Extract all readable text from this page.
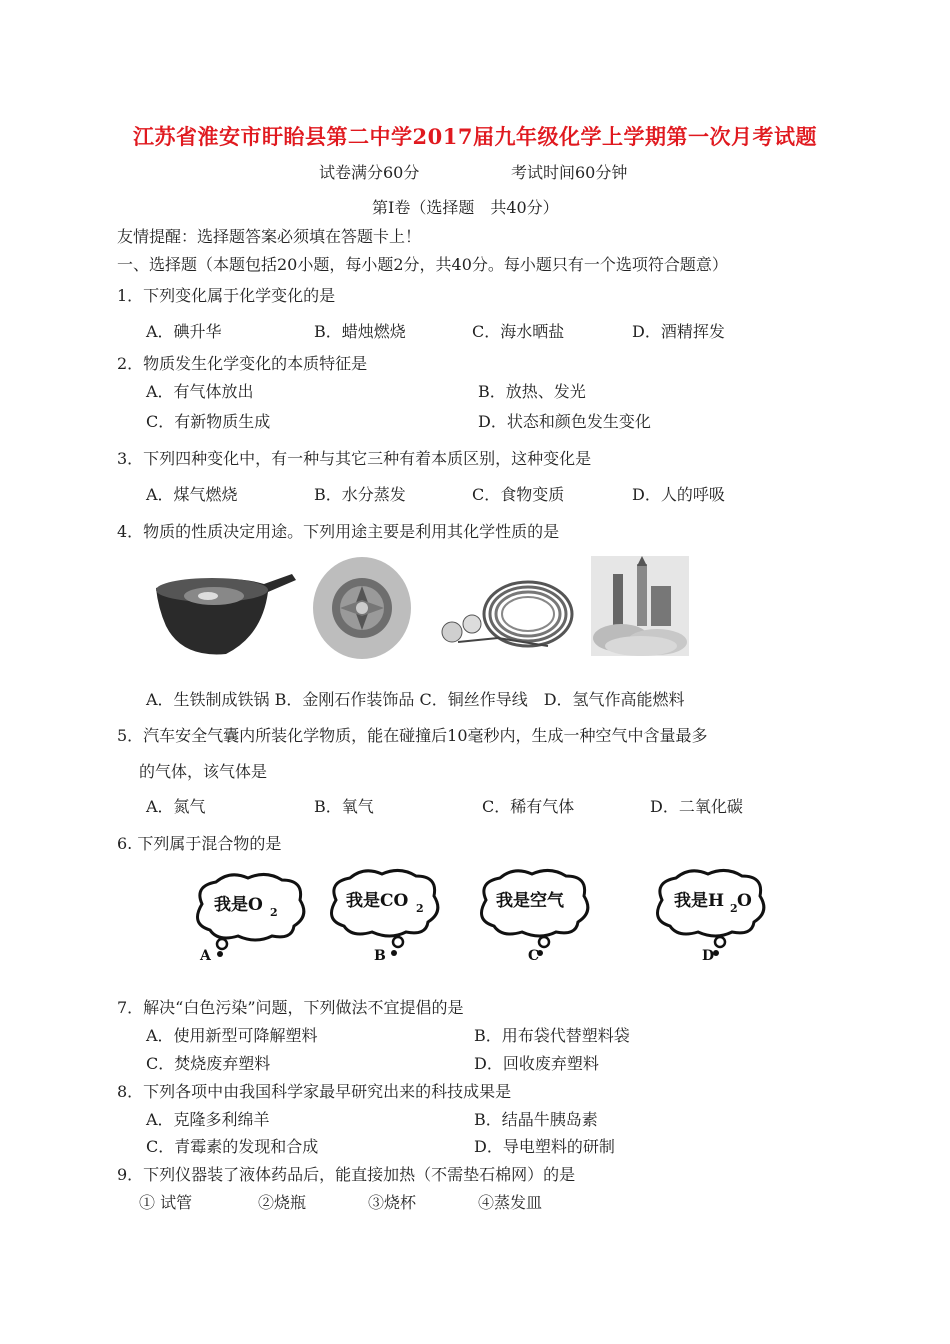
江苏省淮安市盱眙县第二中学2017届九年级化学上学期第一次月考试题
试卷满分60分	考试时间60分钟
第Ⅰ卷（选择题　共40分）
友情提醒：选择题答案必须填在答题卡上！
一、选择题（本题包括20小题，每小题2分，共40分。每小题只有一个选项符合题意）
1．下列变化属于化学变化的是
A．碘升华	B．蜡烛燃烧	C．海水晒盐	D．酒精挥发
2．物质发生化学变化的本质特征是
A．有气体放出	B．放热、发光
C．有新物质生成	D．状态和颜色发生变化
3．下列四种变化中，有一种与其它三种有着本质区别，这种变化是
A．煤气燃烧	B．水分蒸发	C．食物变质	D．人的呼吸
4．物质的性质决定用途。下列用途主要是利用其化学性质的是
A．生铁制成铁锅 B．金刚石作装饰品 C．铜丝作导线　D．氢气作高能燃料
5．汽车安全气囊内所装化学物质，能在碰撞后10毫秒内，生成一种空气中含量最多
的气体，该气体是
A．氮气	B．氧气	C．稀有气体	D．二氧化碳
6. 下列属于混合物的是
我是O 2
A
我是CO 2
B
我是空气
C
我是H 2 O
D
7．解决“白色污染”问题，下列做法不宜提倡的是
A．使用新型可降解塑料	B．用布袋代替塑料袋
C．焚烧废弃塑料	D．回收废弃塑料
8．下列各项中由我国科学家最早研究出来的科技成果是
A．克隆多利绵羊	B．结晶牛胰岛素
C．青霉素的发现和合成	D．导电塑料的研制
9．下列仪器装了液体药品后，能直接加热（不需垫石棉网）的是
① 试管	②烧瓶	③烧杯	④蒸发皿
